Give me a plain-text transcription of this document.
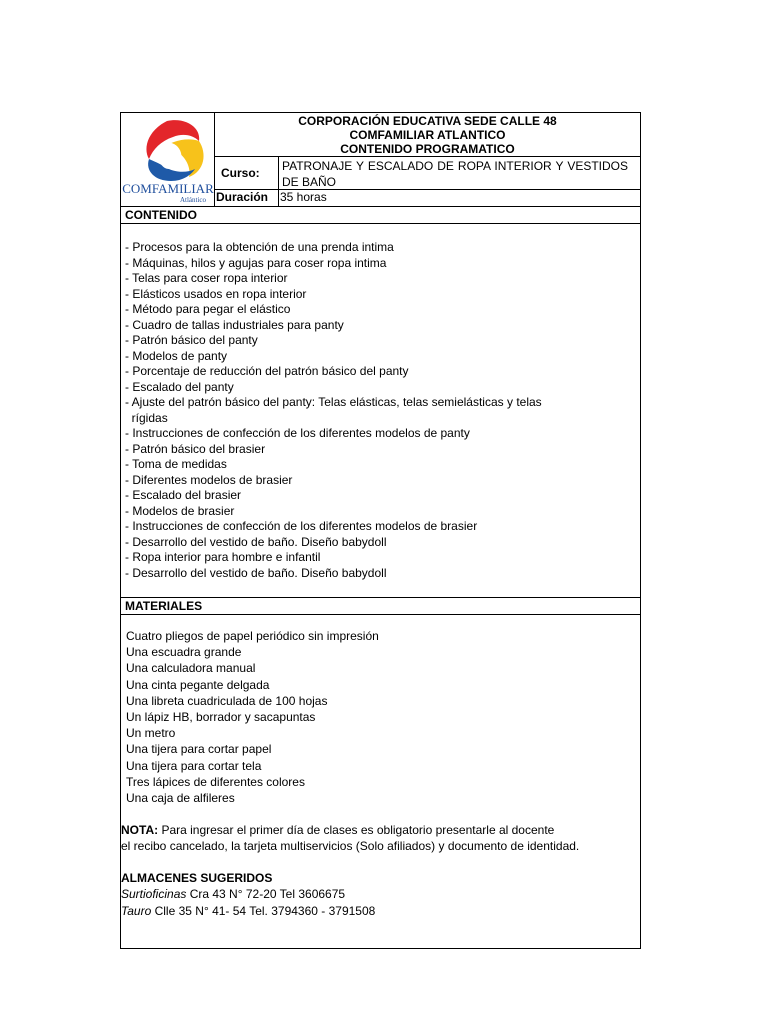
COMFAMILIAR
Atlántico
CORPORACIÓN EDUCATIVA SEDE CALLE 48
COMFAMILIAR ATLANTICO
CONTENIDO PROGRAMATICO
Curso:	PATRONAJE Y ESCALADO DE ROPA INTERIOR Y VESTIDOS DE BAÑO
Duración 35 horas
CONTENIDO
- Procesos para la obtención de una prenda intima
- Máquinas, hilos y agujas para coser ropa intima
- Telas para coser ropa interior
- Elásticos usados en ropa interior
- Método para pegar el elástico
- Cuadro de tallas industriales para panty
- Patrón básico del panty
- Modelos de panty
- Porcentaje de reducción del patrón básico del panty
- Escalado del panty
- Ajuste del patrón básico del panty: Telas elásticas, telas semielásticas y telas
rígidas
- Instrucciones de confección de los diferentes modelos de panty
- Patrón básico del brasier
- Toma de medidas
- Diferentes modelos de brasier
- Escalado del brasier
- Modelos de brasier
- Instrucciones de confección de los diferentes modelos de brasier
- Desarrollo del vestido de baño. Diseño babydoll
- Ropa interior para hombre e infantil
- Desarrollo del vestido de baño. Diseño babydoll
MATERIALES
Cuatro pliegos de papel periódico sin impresión
Una escuadra grande
Una calculadora manual
Una cinta pegante delgada
Una libreta cuadriculada de 100 hojas
Un lápiz HB, borrador y sacapuntas
Un metro
Una tijera para cortar papel
Una tijera para cortar tela
Tres lápices de diferentes colores
Una caja de alfileres
NOTA: Para ingresar el primer día de clases es obligatorio presentarle al docente
el recibo cancelado, la tarjeta multiservicios (Solo afiliados) y documento de identidad.
ALMACENES SUGERIDOS
Surtioficinas Cra 43 N° 72-20 Tel 3606675
Tauro Clle 35 N° 41- 54 Tel. 3794360 - 3791508
